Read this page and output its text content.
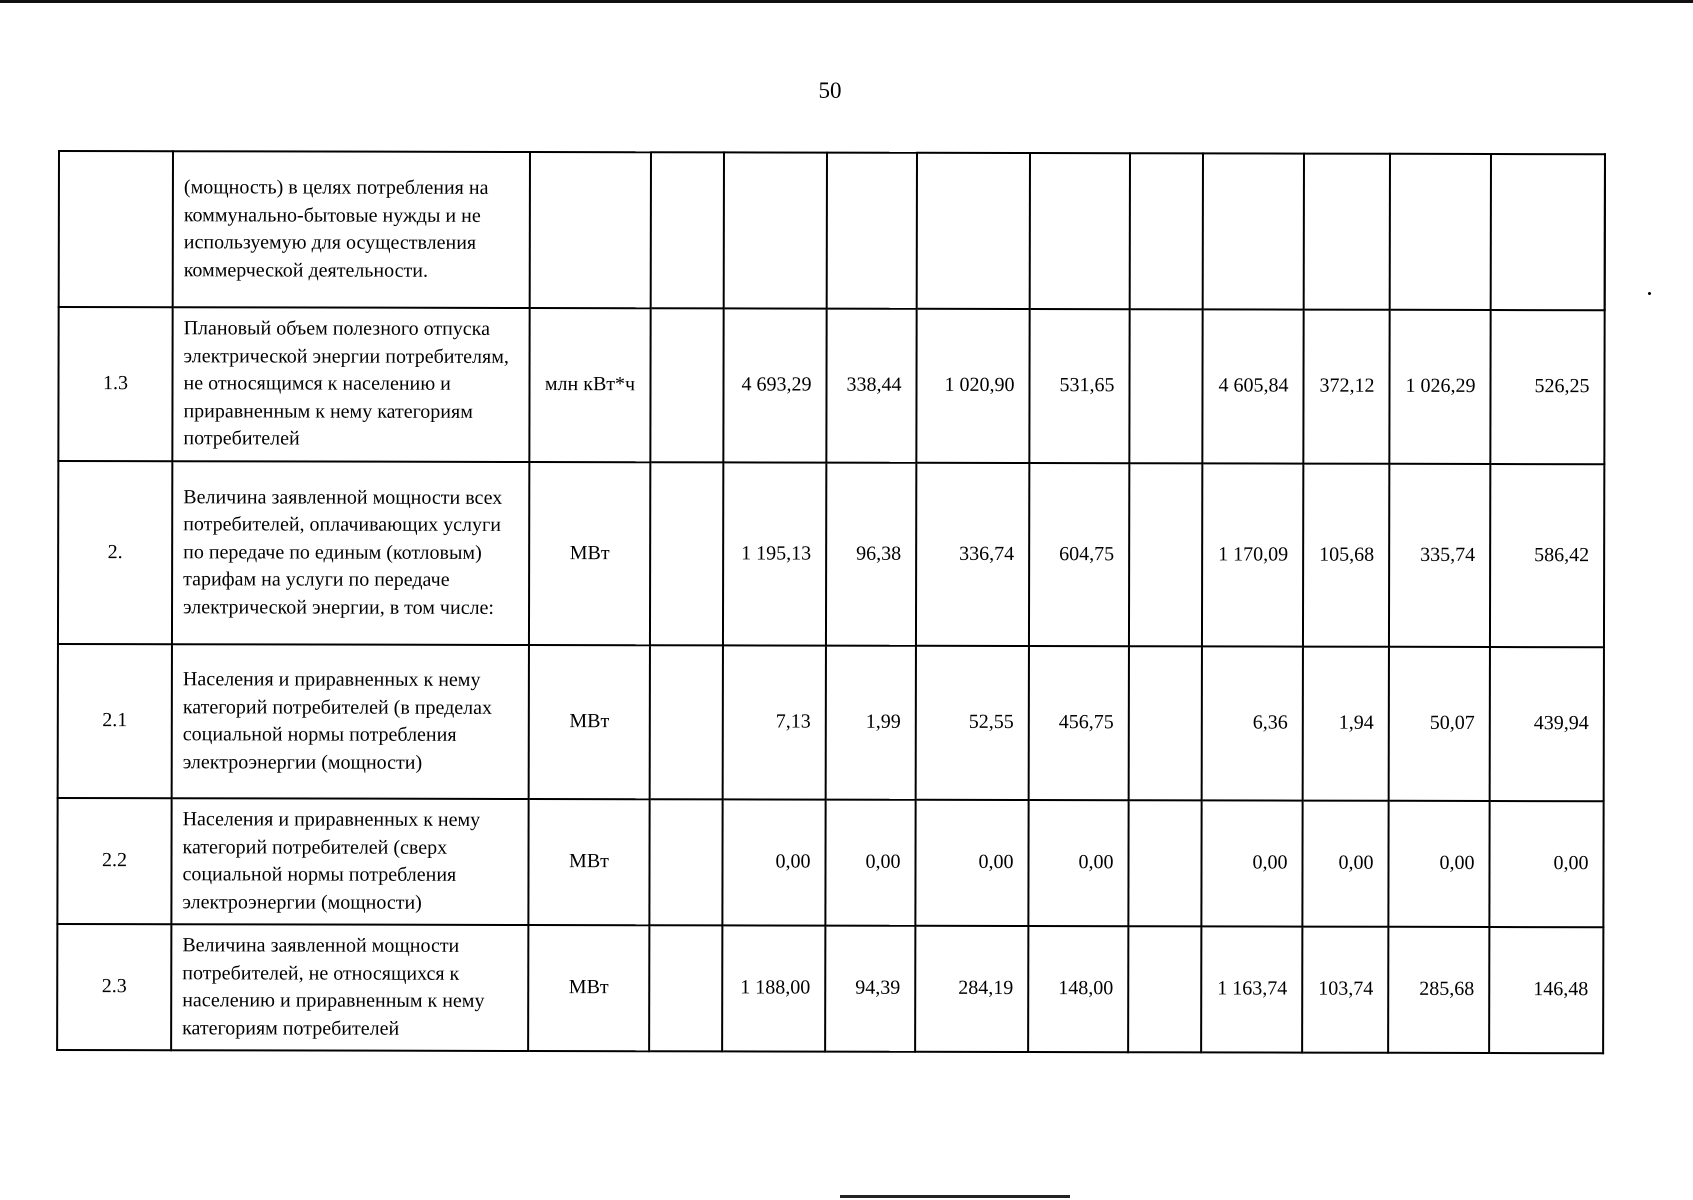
50
	(мощность) в целях потребления на коммунально-бытовые нужды и не используемую для осуществления коммерческой деятельности.												
1.3	Плановый объем полезного отпуска электрической энергии потребителям, не относящимся к населению и приравненным к нему категориям потребителей	млн кВт*ч		4 693,29	338,44	1 020,90	531,65		4 605,84	372,12	1 026,29	526,25	
2.	Величина заявленной мощности всех потребителей, оплачивающих услуги по передаче по единым (котловым) тарифам на услуги по передаче электрической энергии, в том числе:	МВт		1 195,13	96,38	336,74	604,75		1 170,09	105,68	335,74	586,42	
2.1	Населения и приравненных к нему категорий потребителей (в пределах социальной нормы потребления электроэнергии (мощности)	МВт		7,13	1,99	52,55	456,75		6,36	1,94	50,07	439,94	
2.2	Населения и приравненных к нему категорий потребителей (сверх социальной нормы потребления электроэнергии (мощности)	МВт		0,00	0,00	0,00	0,00		0,00	0,00	0,00	0,00	
2.3	Величина заявленной мощности потребителей, не относящихся к населению и приравненным к нему категориям потребителей	МВт		1 188,00	94,39	284,19	148,00		1 163,74	103,74	285,68	146,48	
